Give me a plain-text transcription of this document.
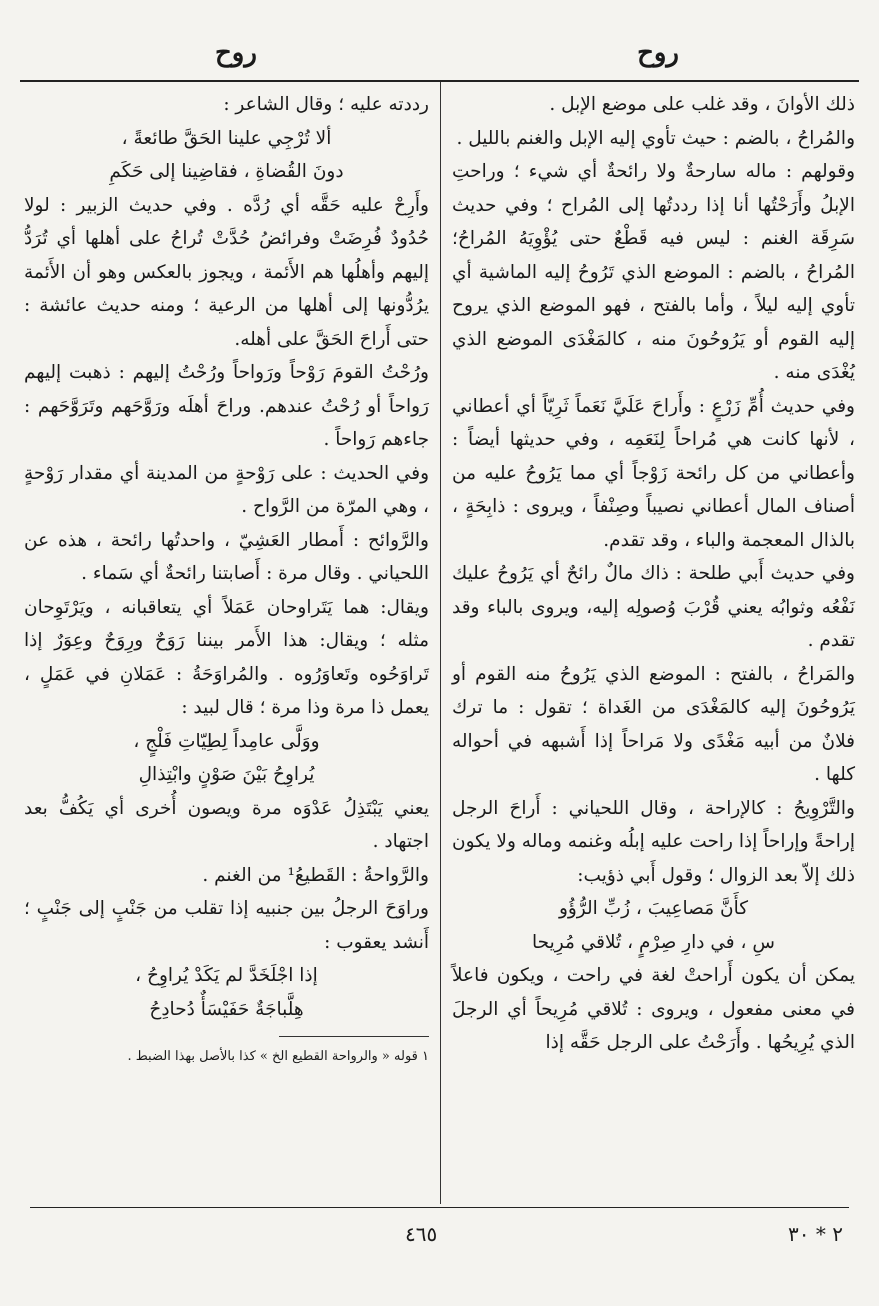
روح
روح

ذلك الأوانَ ، وقد غلب على موضع الإبل .

والمُراحُ ، بالضم : حيث تأوي إليه الإبل والغنم بالليل .

وقولهم : ماله سارحةٌ ولا رائحةٌ أي شيء ؛ وراحتِ الإبلُ وأَرَحْتُها أنا إذا رددتُها إلى المُراح ؛ وفي حديث سَرِقَة الغنم : ليس فيه قَطْعٌ حتى يُؤْوِيَهُ المُراحُ؛ المُراحُ ، بالضم : الموضع الذي تَرُوحُ إليه الماشية أي تأوي إليه ليلاً ، وأما بالفتح ، فهو الموضع الذي يروح إليه القوم أو يَرُوحُونَ منه ، كالمَغْدَى الموضع الذي يُغْدَى منه .

وفي حديث أُمِّ زَرْعٍ : وأَراحَ عَلَيَّ نَعَماً ثَرِيّاً أي أعطاني ، لأنها كانت هي مُراحاً لِنَعَمِه ، وفي حديثها أيضاً : وأعطاني من كل رائحة زَوْجاً أي مما يَرُوحُ عليه من أصناف المال أعطاني نصيباً وصِنْفاً ، ويروى : ذابِحَةٍ ، بالذال المعجمة والباء ، وقد تقدم.

وفي حديث أَبي طلحة : ذاك مالٌ رائحٌ أي يَرُوحُ عليك نَفْعُه وثوابُه يعني قُرْبَ وُصولِه إليه، ويروى بالباء وقد تقدم .

والمَراحُ ، بالفتح : الموضع الذي يَرُوحُ منه القوم أو يَرُوحُونَ إليه كالمَغْدَى من الغَداة ؛ تقول : ما ترك فلانٌ من أبيه مَغْدًى ولا مَراحاً إذا أَشبهه في أحواله كلها .

والتَّرْوِيحُ : كالإراحة ، وقال اللحياني : أَراحَ الرجل إراحةً وإراحاً إذا راحت عليه إبلُه وغنمه وماله ولا يكون ذلك إلاّ بعد الزوال ؛ وقول أَبي ذؤيب:

كأَنَّ مَصاعِيبَ ، زُبِّ الرُّؤُو
سِ ، في دارِ صِرْمٍ ، تُلاقي مُرِيحا

يمكن أن يكون أَراحتْ لغة في راحت ، ويكون فاعلاً في معنى مفعول ، ويروى : تُلاقي مُرِيحاً أي الرجلَ الذي يُرِيحُها . وأَرَحْتُ على الرجل حَقَّه إذا

رددته عليه ؛ وقال الشاعر :

ألا تُرْجِي علينا الحَقَّ طائعةً ،
دونَ القُضاةِ ، فقاضِينا إلى حَكَمِ

وأَرِحْ عليه حَقَّه أي رُدَّه . وفي حديث الزبير : لولا حُدُودٌ فُرِضَتْ وفرائضُ حُدَّتْ تُراحُ على أهلها أي تُرَدُّ إليهم وأهلُها هم الأَئمة ، ويجوز بالعكس وهو أن الأَئمة يرُدُّونها إلى أهلها من الرعية ؛ ومنه حديث عائشة : حتى أَراحَ الحَقَّ على أهله.

ورُحْتُ القومَ رَوْحاً ورَواحاً ورُحْتُ إليهم : ذهبت إليهم رَواحاً أو رُحْتُ عندهم. وراحَ أهلَه ورَوَّحَهم وتَرَوَّحَهم : جاءهم رَواحاً .

وفي الحديث : على رَوْحةٍ من المدينة أي مقدار رَوْحةٍ ، وهي المرّة من الرَّواح .

والرَّوائح : أَمطار العَشِيّ ، واحدتُها رائحة ، هذه عن اللحياني . وقال مرة : أَصابتنا رائحةٌ أي سَماء .

ويقال: هما يَتَراوحان عَمَلاً أي يتعاقبانه ، ويَرْتَوِحان مثله ؛ ويقال: هذا الأَمر بيننا رَوَحٌ ورِوَحٌ وعِوَرٌ إذا تَراوَحُوه وتَعاوَرُوه . والمُراوَحَةُ : عَمَلانِ في عَمَلٍ ، يعمل ذا مرة وذا مرة ؛ قال لبيد :

ووَلَّى عامِداً لِطِيّاتِ فَلْجٍ ،
يُراوِحُ بَيْنَ صَوْنٍ وابْتِذالِ

يعني يَبْتَذِلُ عَدْوَه مرة ويصون أُخرى أي يَكُفُّ بعد اجتهاد .

والرَّواحةُ : القَطيعُ¹ من الغنم .

وراوَحَ الرجلُ بين جنبيه إذا تقلب من جَنْبٍ إلى جَنْبٍ ؛ أَنشد يعقوب :

إذا اجْلَخَدَّ لم يَكَدْ يُراوِحُ ،
هِلَّباجَةٌ حَفَيْسَأٌ دُحادِحُ

١ قوله « والرواحة القطيع الخ » كذا بالأصل بهذا الضبط .

٤٦٥	٢ * ٣٠
